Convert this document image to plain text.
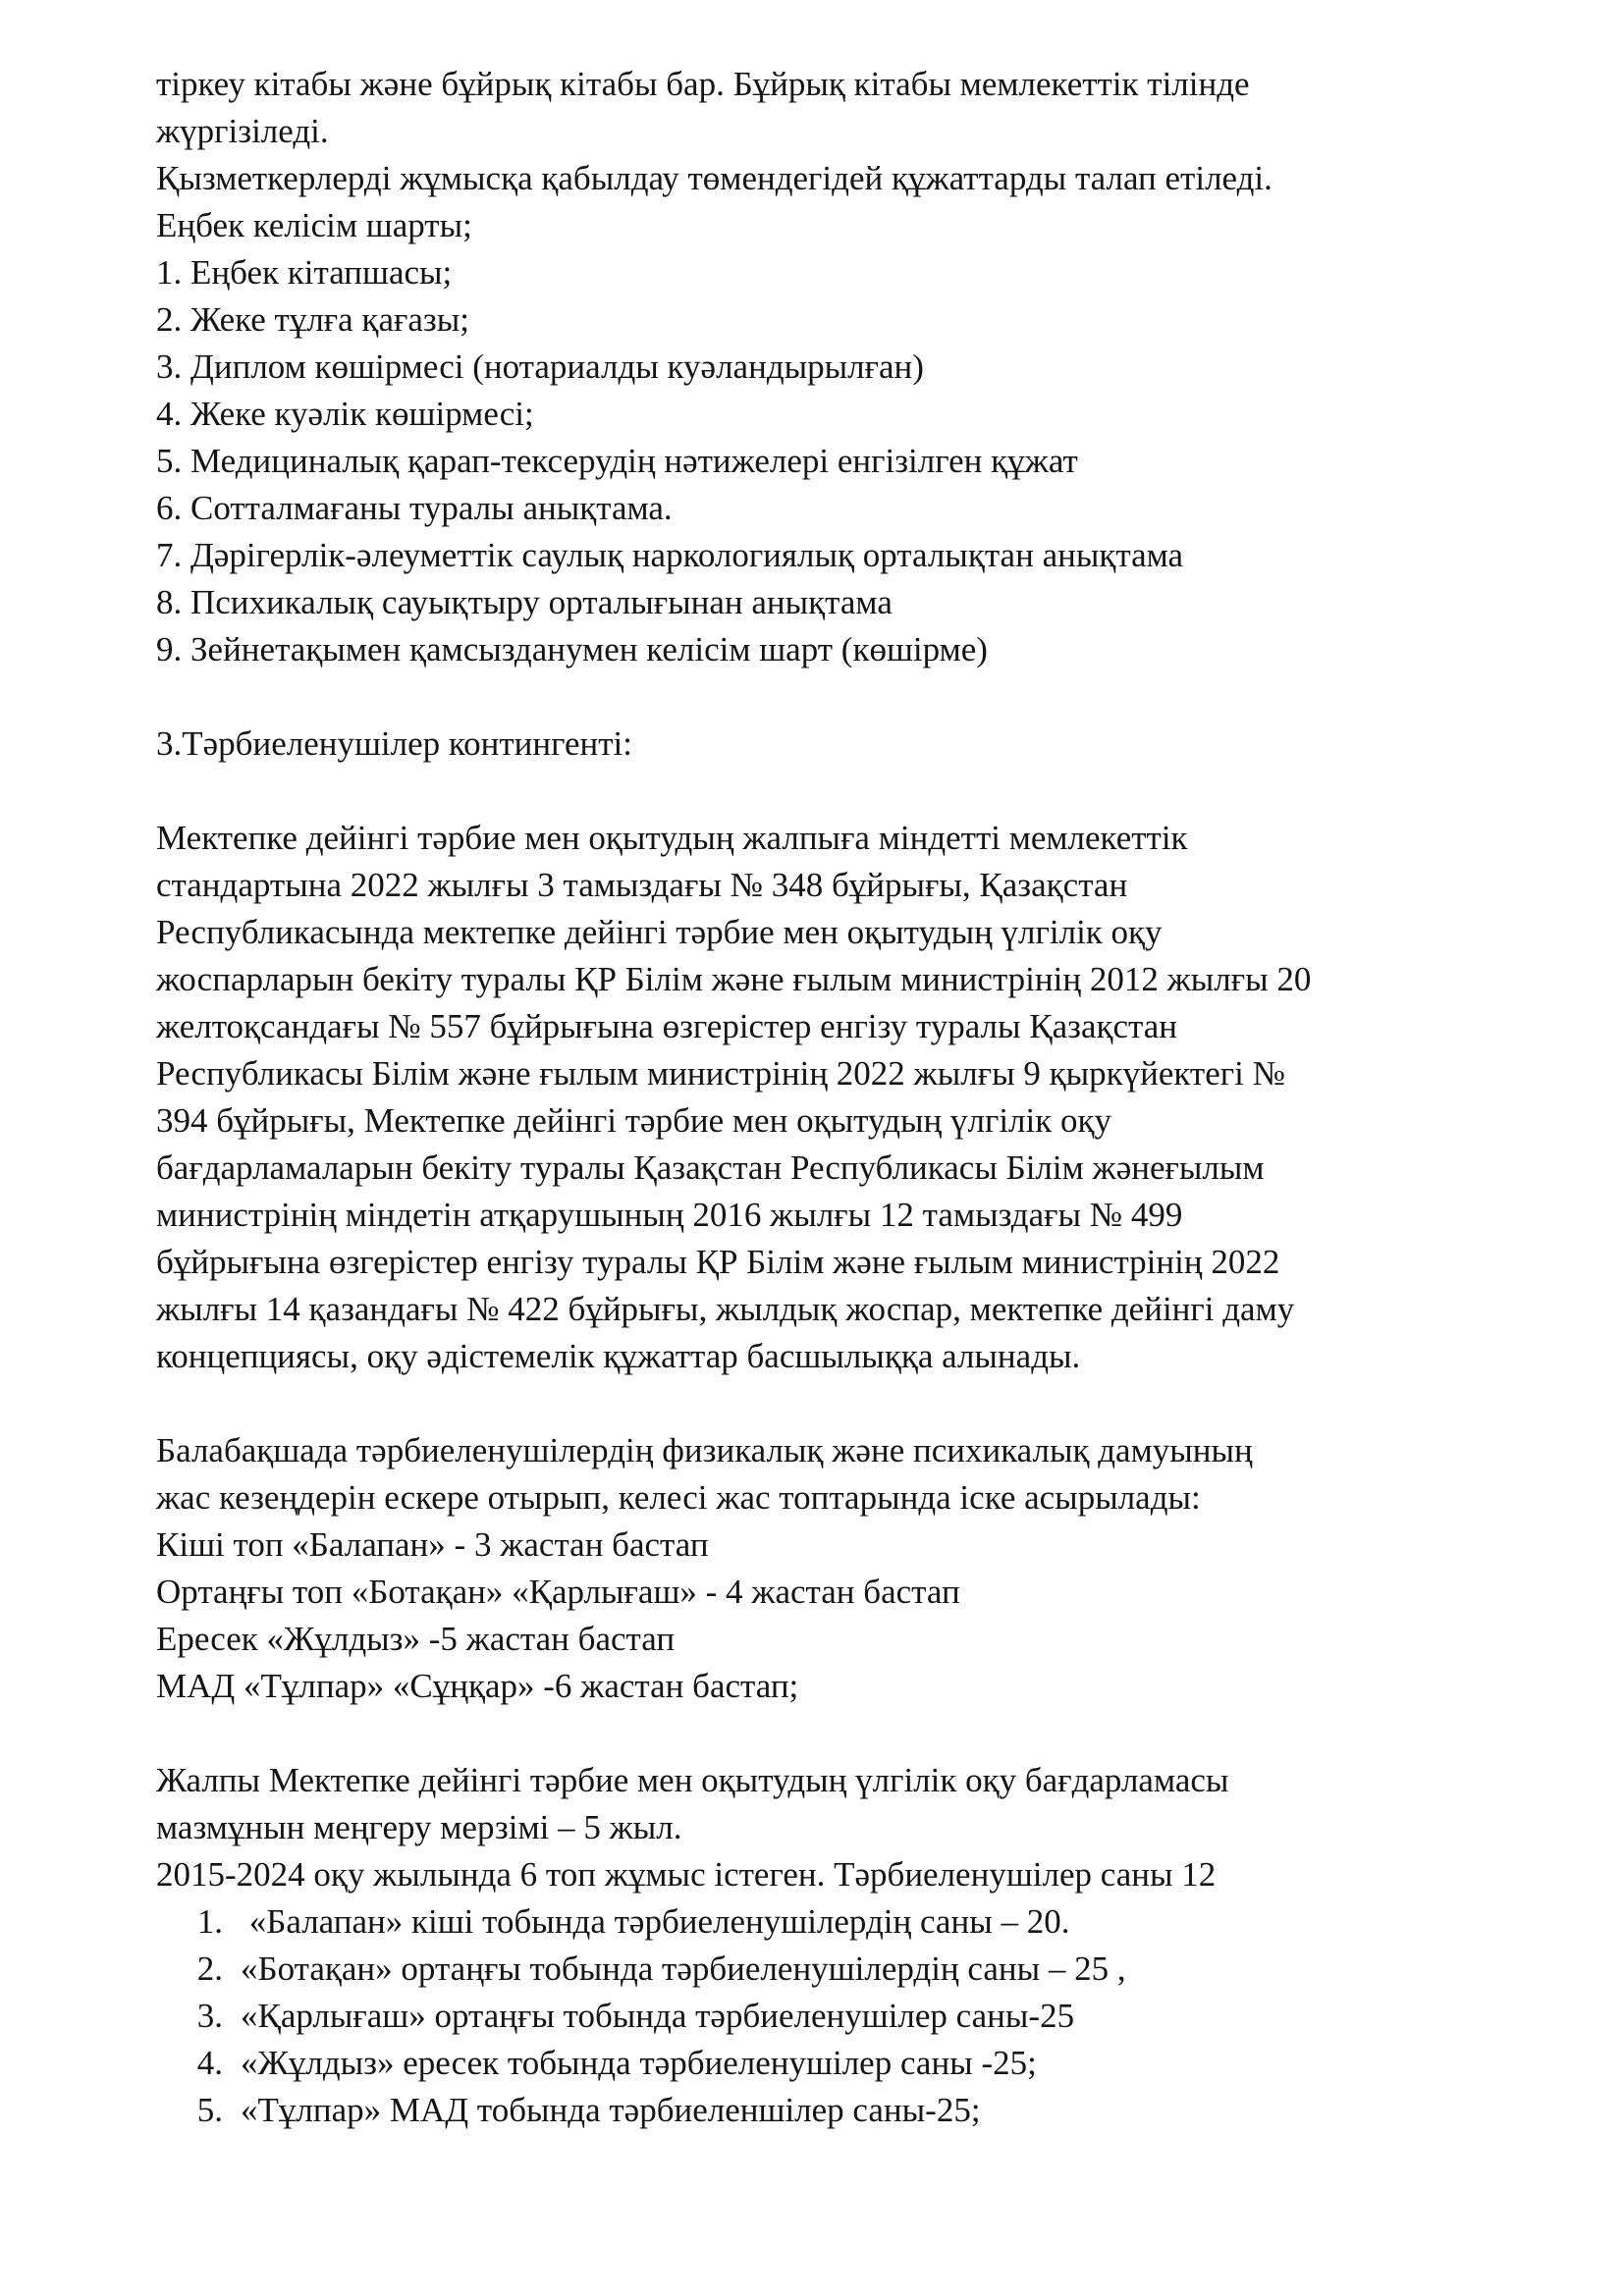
тіркеу кітабы және бұйрық кітабы бар. Бұйрық кітабы мемлекеттік тілінде
жүргізіледі.
Қызметкерлерді жұмысқа қабылдау төмендегідей құжаттарды талап етіледі.
Еңбек келісім шарты;
1. Еңбек кітапшасы;
2. Жеке тұлға қағазы;
3. Диплом көшірмесі (нотариалды куәландырылған)
4. Жеке куәлік көшірмесі;
5. Медициналық қарап-тексерудің нәтижелері енгізілген құжат
6. Сотталмағаны туралы анықтама.
7. Дәрігерлік-әлеуметтік саулық наркологиялық орталықтан анықтама
8. Психикалық сауықтыру орталығынан анықтама
9. Зейнетақымен қамсызданумен келісім шарт (көшірме)
3.Тәрбиеленушілер контингенті:
Мектепке дейінгі тәрбие мен оқытудың жалпыға міндетті мемлекеттік
стандартына 2022 жылғы 3 тамыздағы № 348 бұйрығы, Қазақстан
Республикасында мектепке дейінгі тәрбие мен оқытудың үлгілік оқу
жоспарларын бекіту туралы ҚР Білім және ғылым министрінің 2012 жылғы 20
желтоқсандағы № 557 бұйрығына өзгерістер енгізу туралы Қазақстан
Республикасы Білім және ғылым министрінің 2022 жылғы 9 қыркүйектегі №
394 бұйрығы, Мектепке дейінгі тәрбие мен оқытудың үлгілік оқу
бағдарламаларын бекіту туралы Қазақстан Республикасы Білім жәнеғылым
министрінің міндетін атқарушының 2016 жылғы 12 тамыздағы № 499
бұйрығына өзгерістер енгізу туралы ҚР Білім және ғылым министрінің 2022
жылғы 14 қазандағы № 422 бұйрығы, жылдық жоспар, мектепке дейінгі даму
концепциясы, оқу әдістемелік құжаттар басшылыққа алынады.
Балабақшада тәрбиеленушілердің физикалық және психикалық дамуының
жас кезеңдерін ескере отырып, келесі жас топтарында іске асырылады:
Кіші топ «Балапан» - 3 жастан бастап
Ортаңғы топ «Ботақан» «Қарлығаш» - 4 жастан бастап
Ересек «Жұлдыз» -5 жастан бастап
МАД «Тұлпар» «Сұңқар» -6 жастан бастап;
Жалпы Мектепке дейінгі тәрбие мен оқытудың үлгілік оқу бағдарламасы
мазмұнын меңгеру мерзімі – 5 жыл.
2015-2024 оқу жылында 6 топ жұмыс істеген. Тәрбиеленушілер саны 12
1. «Балапан» кіші тобында тәрбиеленушілердің саны – 20.
2. «Ботақан» ортаңғы тобында тәрбиеленушілердің саны – 25 ,
3. «Қарлығаш» ортаңғы тобында тәрбиеленушілер саны-25
4. «Жұлдыз» ересек тобында тәрбиеленушілер саны -25;
5. «Тұлпар» МАД тобында тәрбиеленшілер саны-25;
